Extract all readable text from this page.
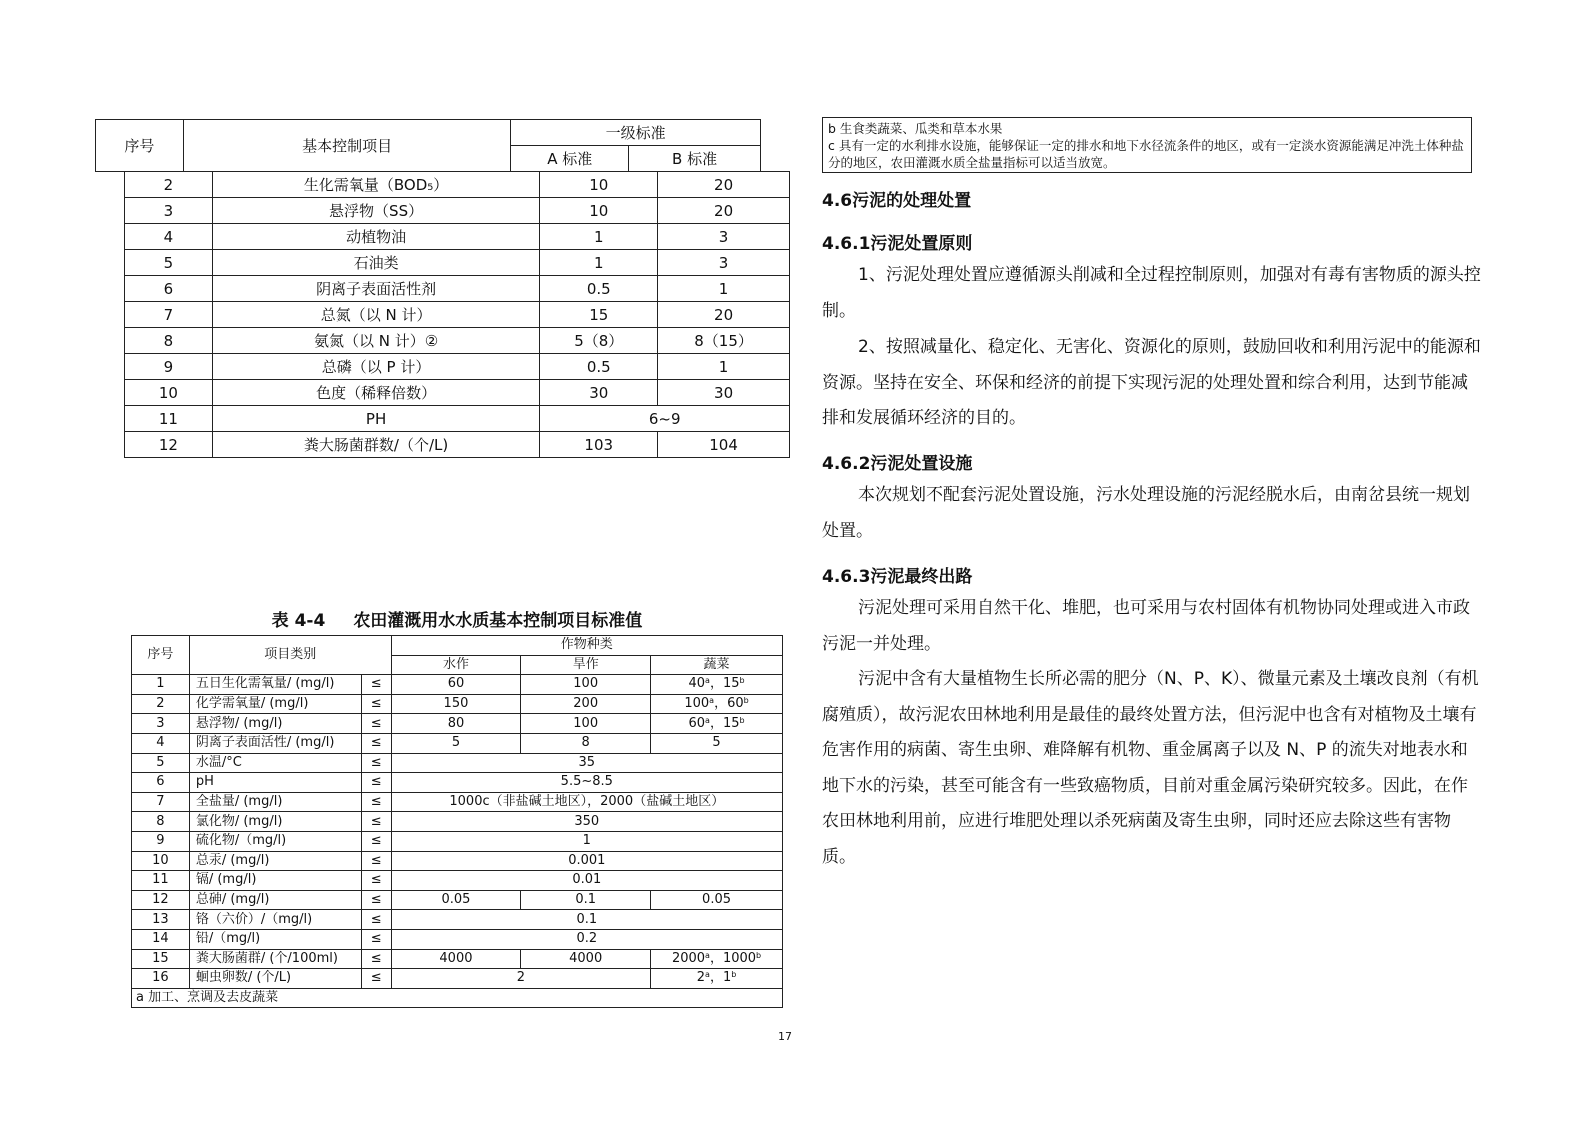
序号	基本控制项目	一级标准	
		A 标准	B 标准
2	生化需氧量（BOD₅）	10	20
3	悬浮物（SS）	10	20
4	动植物油	1	3
5	石油类	1	3
6	阴离子表面活性剂	0.5	1
7	总氮（以 N 计）	15	20
8	氨氮（以 N 计）②	5（8）	8（15）
9	总磷（以 P 计）	0.5	1
10	色度（稀释倍数）	30	30
11	PH	6~9	
12	粪大肠菌群数/（个/L)	103	104
表 4-4 农田灌溉用水水质基本控制项目标准值
序号	项目类别		作物种类		
			水作	旱作	蔬菜
1	五日生化需氧量/ (mg/l)	≤	60	100	40$^a$，15$^b$
2	化学需氧量/ (mg/l)	≤	150	200	100$^a$，60$^b$
3	悬浮物/ (mg/l)	≤	80	100	60$^a$，15$^b$
4	阴离子表面活性/ (mg/l)	≤	5	8	5
5	水温/°C	≤	35		
6	pH	≤	5.5~8.5		
7	全盐量/ (mg/l)	≤	1000c（非盐碱土地区），2000（盐碱土地区）		
8	氯化物/ (mg/l)	≤	350		
9	硫化物/（mg/l)	≤	1		
10	总汞/ (mg/l)	≤	0.001		
11	镉/ (mg/l)	≤	0.01		
12	总砷/ (mg/l)	≤	0.05	0.1	0.05
13	铬（六价）/（mg/l)	≤	0.1		
14	铅/（mg/l)	≤	0.2		
15	粪大肠菌群/ (个/100ml)	≤	4000	4000	2000$^a$，1000$^b$
16	蛔虫卵数/ (个/L)	≤	2		2$^a$，1$^b$
a 加工、烹调及去皮蔬菜					
b 生食类蔬菜、瓜类和草本水果
c 具有一定的水利排水设施，能够保证一定的排水和地下水径流条件的地区，或有一定淡水资源能满足冲洗土体种盐分的地区，农田灌溉水质全盐量指标可以适当放宽。
4.6污泥的处理处置
4.6.1污泥处置原则
1、污泥处理处置应遵循源头削减和全过程控制原则，加强对有毒有害物质的源头控制。
2、按照减量化、稳定化、无害化、资源化的原则，鼓励回收和利用污泥中的能源和资源。坚持在安全、环保和经济的前提下实现污泥的处理处置和综合利用，达到节能减排和发展循环经济的目的。
4.6.2污泥处置设施
本次规划不配套污泥处置设施，污水处理设施的污泥经脱水后，由南岔县统一规划处置。
4.6.3污泥最终出路
污泥处理可采用自然干化、堆肥，也可采用与农村固体有机物协同处理或进入市政污泥一并处理。
污泥中含有大量植物生长所必需的肥分（N、P、K）、微量元素及土壤改良剂（有机腐殖质），故污泥农田林地利用是最佳的最终处置方法，但污泥中也含有对植物及土壤有危害作用的病菌、寄生虫卵、难降解有机物、重金属离子以及 N、P 的流失对地表水和地下水的污染，甚至可能含有一些致癌物质，目前对重金属污染研究较多。因此，在作农田林地利用前，应进行堆肥处理以杀死病菌及寄生虫卵，同时还应去除这些有害物质。
17
